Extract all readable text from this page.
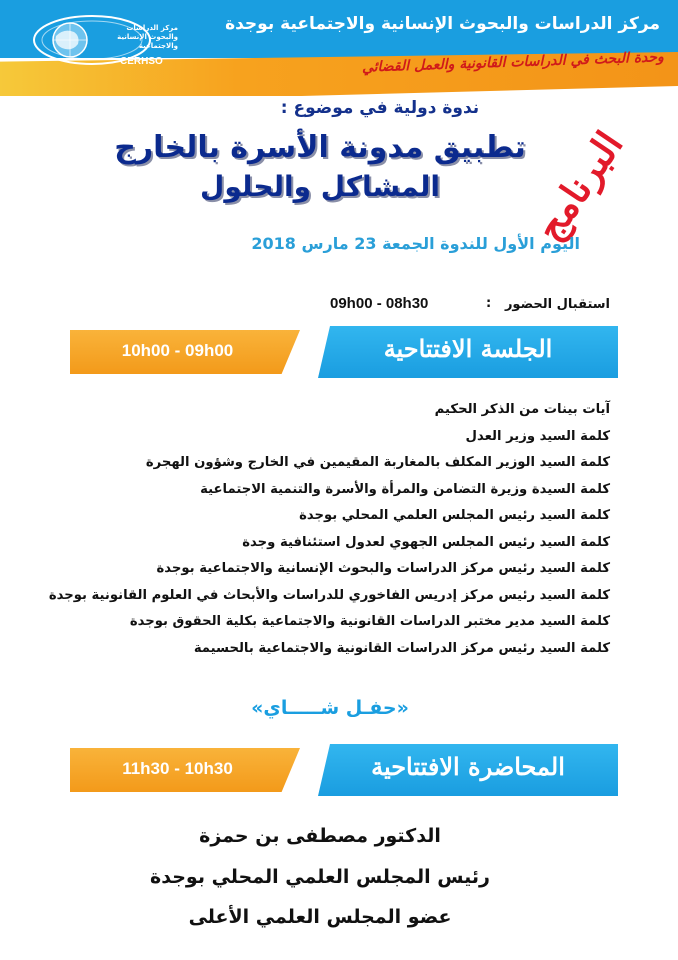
مركز الدراسات
والبحوث الإنسانية
والاجتماعية
CERHSO
مركز الدراسات والبحوث الإنسانية والاجتماعية بوجدة
وحدة البحث في الدراسات القانونية والعمل القضائي
ندوة دولية في موضوع :
تطبيق مدونة الأسرة بالخارج
المشاكل والحلول	البرنامج
اليوم الأول للندوة الجمعة 23 مارس 2018
استقبال الحضور
:
09h00 - 08h30
الجلسة الافتتاحية
10h00 - 09h00
آيات بينات من الذكر الحكيم
كلمة السيد وزير العدل
كلمة السيد الوزير المكلف بالمغاربة المقيمين في الخارج وشؤون الهجرة
كلمة السيدة وزيرة التضامن والمرأة والأسرة والتنمية الاجتماعية
كلمة السيد رئيس المجلس العلمي المحلي بوجدة
كلمة السيد رئيس المجلس الجهوي لعدول استئنافية وجدة
كلمة السيد رئيس مركز الدراسات والبحوث الإنسانية والاجتماعية بوجدة
كلمة السيد رئيس مركز إدريس الفاخوري للدراسات والأبحاث في العلوم القانونية بوجدة
كلمة السيد مدير مختبر الدراسات القانونية والاجتماعية بكلية الحقوق بوجدة
كلمة السيد رئيس مركز الدراسات القانونية والاجتماعية بالحسيمة
«حفـل شـــــاي»
المحاضرة الافتتاحية
11h30 - 10h30
الدكتور مصطفى بن حمزة
رئيس المجلس العلمي المحلي بوجدة
عضو المجلس العلمي الأعلى
